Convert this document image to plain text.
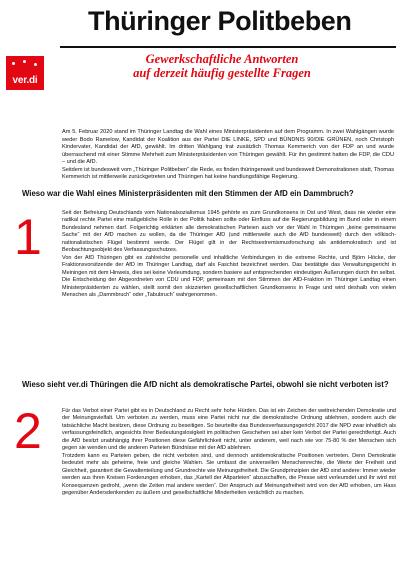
ver.di
Thüringer Politbeben
Gewerkschaftliche Antworten
auf derzeit häufig gestellte Fragen

Am 5. Februar 2020 stand im Thüringer Landtag die Wahl eines Ministerpräsidenten auf dem Programm. In zwei Wahlgängen wurde weder Bodo Ramelow, Kandidat der Koalition aus der Partei DIE LINKE, SPD und BÜNDNIS 90/DIE GRÜNEN, noch Christoph Kindervater, Kandidat der AfD, gewählt. Im dritten Wahlgang trat zusätzlich Thomas Kemmerich von der FDP an und wurde überraschend mit einer Stimme Mehrheit zum Ministerpräsidenten von Thüringen gewählt. Für ihn gestimmt hatten die FDP, die CDU – und die AfD.

Seitdem ist bundesweit vom „Thüringer Politbeben“ die Rede, es finden thüringenweit und bundesweit Demonstrationen statt, Thomas Kemmerich ist mittlerweile zurückgetreten und Thüringen hat keine handlungsfähige Regierung.

Wieso war die Wahl eines Ministerpräsidenten mit den Stimmen der AfD ein Dammbruch?
1	Seit der Befreiung Deutschlands vom Nationalsozialismus 1945 gehörte es zum Grundkonsens in Ost und West, dass nie wieder eine radikal rechte Partei eine maßgebliche Rolle in der Politik haben sollte oder Einfluss auf die Regierungsbildung im Bund oder in einem Bundesland nehmen darf. Folgerichtig erklärten alle demokratischen Parteien auch vor der Wahl in Thüringen „keine gemeinsame Sache“ mit der AfD machen zu wollen, da die Thüringer AfD (und mittlerweile auch die AfD bundesweit) durch den völkisch-nationalistischen Flügel bestimmt werde. Der Flügel gilt in der Rechtsextremismusforschung als antidemokratisch und ist Beobachtungsobjekt des Verfassungsschutzes.

Von der AfD Thüringen gibt es zahlreiche personelle und inhaltliche Verbindungen in die extreme Rechte, und Björn Höcke, der Fraktionsvorsitzende der AfD im Thüringer Landtag, darf als Faschist bezeichnet werden. Das bestätigte das Verwaltungsgericht in Meiningen mit dem Hinweis, dies sei keine Verleumdung, sondern basiere auf entsprechenden eindeutigen Äußerungen durch ihn selbst.

Die Entscheidung der Abgeordneten von CDU und FDP, gemeinsam mit den Stimmen der AfD-Fraktion im Thüringer Landtag einen Ministerpräsidenten zu wählen, stellt somit den skizzierten gesellschaftlichen Grundkonsens in Frage und wird deshalb von vielen Menschen als „Dammbruch“ oder „Tabubruch“ wahrgenommen.

Wieso sieht ver.di Thüringen die AfD nicht als demokratische Partei, obwohl sie nicht verboten ist?
2	Für das Verbot einer Partei gibt es in Deutschland zu Recht sehr hohe Hürden. Das ist ein Zeichen der weitreichenden Demokratie und der Meinungsvielfalt. Um verboten zu werden, muss eine Partei nicht nur die demokratische Ordnung ablehnen, sondern auch die tatsächliche Macht besitzen, diese Ordnung zu beseitigen. So beurteilte das Bundesverfassungsgericht 2017 die NPD zwar inhaltlich als verfassungsfeindlich, angesichts ihrer Bedeutungslosigkeit im politischen Geschehen sei aber kein Verbot der Partei gerechtfertigt. Auch die AfD besitzt unabhängig ihrer Positionen diese Gefährlichkeit nicht, unter anderem, weil nach wie vor 75-80 % der Menschen sich gegen sie wenden und die anderen Parteien Bündnisse mit der AfD ablehnen.

Trotzdem kann es Parteien geben, die nicht verboten sind, und dennoch antidemokratische Positionen vertreten. Denn Demokratie bedeutet mehr als geheime, freie und gleiche Wahlen. Sie umfasst die universellen Menschenrechte, die Werte der Freiheit und Gleichheit, garantiert die Gewaltenteilung und Grundrechte wie Meinungsfreiheit. Die Grundprinzipien der AfD sind andere: Immer wieder werden aus ihren Kreisen Forderungen erhoben, das „Kartell der Altparteien“ abzuschaffen, die Presse wird verleumdet und ihr wird mit Konsequenzen gedroht, „wenn die Zeiten mal andere werden“. Der Anspruch auf Meinungsfreiheit wird von der AfD erhoben, um Hass gegenüber Andersdenkenden zu äußern und gesellschaftliche Minderheiten verächtlich zu machen.
